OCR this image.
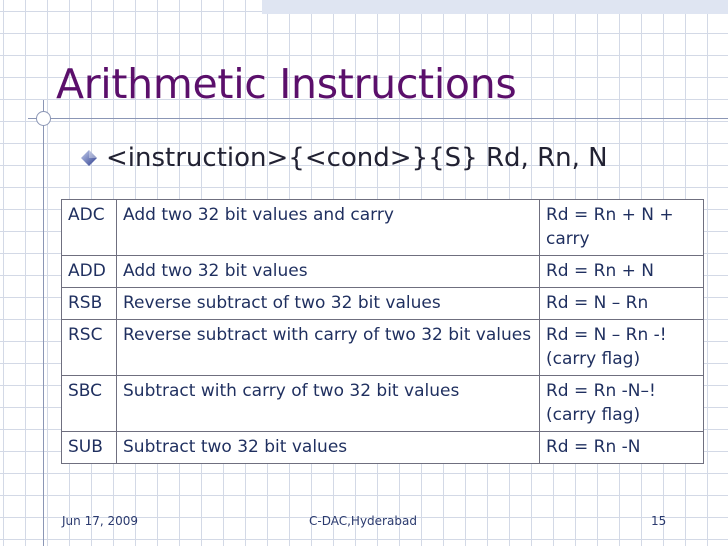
Arithmetic Instructions
<instruction>{<cond>}{S} Rd, Rn, N
ADC	Add two 32 bit values and carry	Rd = Rn + N + carry
ADD	Add two 32 bit values	Rd = Rn + N
RSB	Reverse subtract of two 32 bit values	Rd = N – Rn
RSC	Reverse subtract with carry of two 32 bit values	Rd = N – Rn -!(carry flag)
SBC	Subtract with carry of two 32 bit values	Rd = Rn -N–!(carry flag)
SUB	Subtract two 32 bit values	Rd = Rn -N
Jun 17, 2009	C-DAC,Hyderabad	15
